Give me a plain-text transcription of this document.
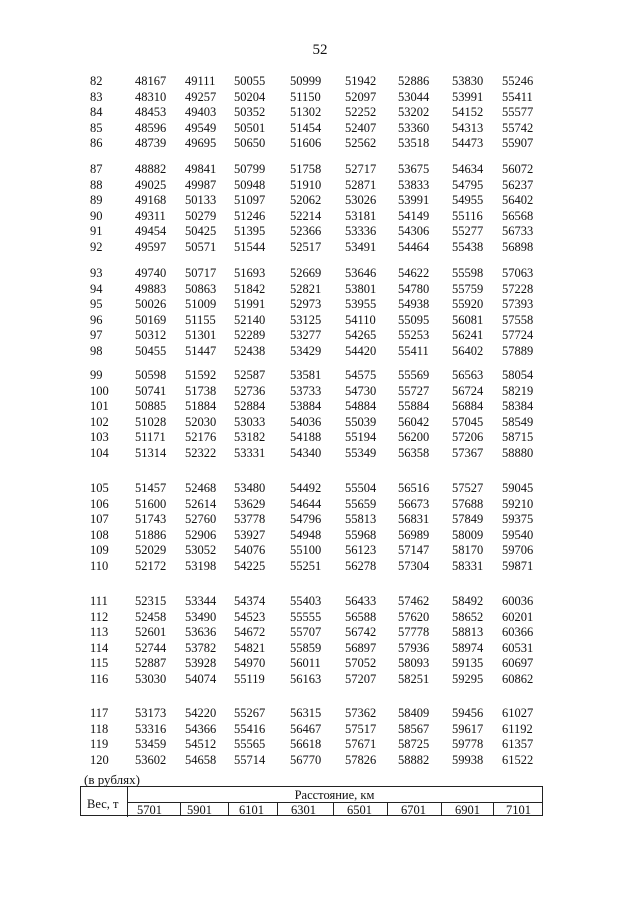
52
82	48167 49111 50055 50999 51942 52886 53830 55246
83	48310 49257 50204 51150 52097 53044 53991 55411
84	48453 49403 50352 51302 52252 53202 54152 55577
85	48596 49549 50501 51454 52407 53360 54313 55742
86	48739 49695 50650 51606 52562 53518 54473 55907
87	48882 49841 50799 51758 52717 53675 54634 56072
88	49025 49987 50948 51910 52871 53833 54795 56237
89	49168 50133 51097 52062 53026 53991 54955 56402
90	49311 50279 51246 52214 53181 54149 55116 56568
91	49454 50425 51395 52366 53336 54306 55277 56733
92	49597 50571 51544 52517 53491 54464 55438 56898
93	49740 50717 51693 52669 53646 54622 55598 57063
94	49883 50863 51842 52821 53801 54780 55759 57228
95	50026 51009 51991 52973 53955 54938 55920 57393
96	50169 51155 52140 53125 54110 55095 56081 57558
97	50312 51301 52289 53277 54265 55253 56241 57724
98	50455 51447 52438 53429 54420 55411 56402 57889
99	50598 51592 52587 53581 54575 55569 56563 58054
100 50741 51738 52736 53733 54730 55727 56724 58219
101 50885 51884 52884 53884 54884 55884 56884 58384
102 51028 52030 53033 54036 55039 56042 57045 58549
103 51171 52176 53182 54188 55194 56200 57206 58715
104 51314 52322 53331 54340 55349 56358 57367 58880
105 51457 52468 53480 54492 55504 56516 57527 59045
106 51600 52614 53629 54644 55659 56673 57688 59210
107 51743 52760 53778 54796 55813 56831 57849 59375
108 51886 52906 53927 54948 55968 56989 58009 59540
109 52029 53052 54076 55100 56123 57147 58170 59706
110 52172 53198 54225 55251 56278 57304 58331 59871
111 52315 53344 54374 55403 56433 57462 58492 60036
112 52458 53490 54523 55555 56588 57620 58652 60201
113 52601 53636 54672 55707 56742 57778 58813 60366
114 52744 53782 54821 55859 56897 57936 58974 60531
115 52887 53928 54970 56011 57052 58093 59135 60697
116 53030 54074 55119 56163 57207 58251 59295 60862
117 53173 54220 55267 56315 57362 58409 59456 61027
118 53316 54366 55416 56467 57517 58567 59617 61192
119 53459 54512 55565 56618 57671 58725 59778 61357
120 53602 54658 55714 56770 57826 58882 59938 61522
(в рублях)
Вес, т
Расстояние, км
5701 5901 6101 6301 6501 6701 6901 7101
